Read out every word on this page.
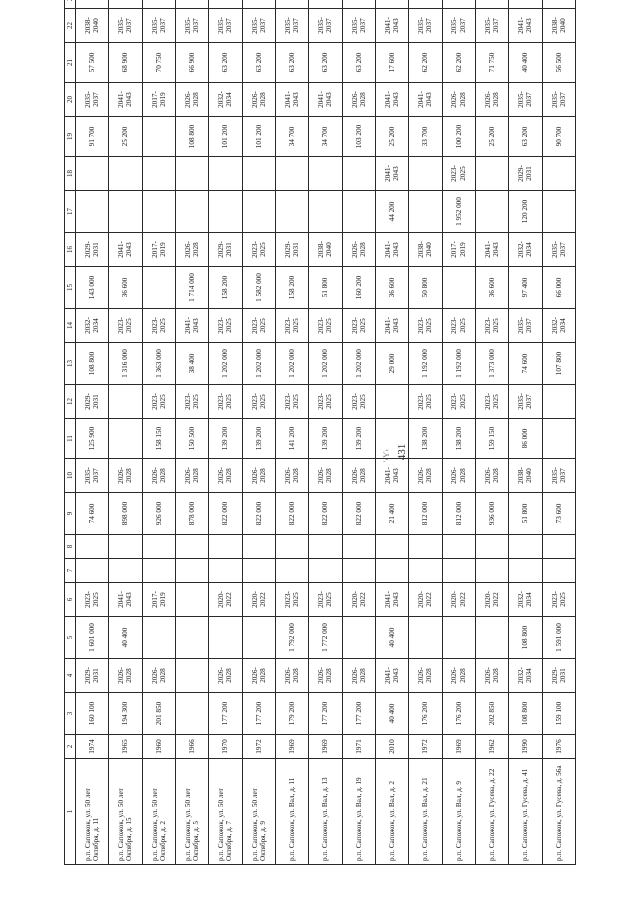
431
'‹Ƴ›
1	2	3	4	5	6	7	8	9	10	11	12	13	14	15	16	17	18	19	20	21	22		
р.п. Сапожок, ул. 50 лет Октября, д. 11	1974	160 100	2029-2031	1 601 000	2023-2025			74 600	2035-2037	125 900	2029-2031	108 800	2032-2034	143 000	2029-2031			91 700	2035-2037	57 500	2038-2040		
р.п. Сапожок, ул. 50 лет Октября, д. 15	1965	194 300	2026-2028	40 400	2041-2043			898 000	2026-2028			1 316 000	2023-2025	36 600	2041-2043			25 200	2041-2043	68 900	2035-2037		
р.п. Сапожок, ул. 50 лет Октября, д. 2	1960	201 850	2026-2028		2017-2019			926 000	2026-2028	158 150	2023-2025	1 363 000	2023-2025		2017-2019				2017-2019	70 750	2035-2037		
р.п. Сапожок, ул. 50 лет Октября, д. 5	1966							878 000	2026-2028	150 500	2023-2025	38 400	2041-2043	1 714 000	2026-2028			108 800	2026-2028	66 900	2035-2037		
р.п. Сапожок, ул. 50 лет Октября, д. 7	1970	177 200	2026-2028		2020-2022			822 000	2026-2028	139 200	2023-2025	1 202 000	2023-2025	158 200	2029-2031			101 200	2032-2034	63 200	2035-2037		
р.п. Сапожок, ул. 50 лет Октября, д. 9	1972	177 200	2026-2028		2020-2022			822 000	2026-2028	139 200	2023-2025	1 202 000	2023-2025	1 582 000	2023-2025			101 200	2026-2028	63 200	2035-2037		
р.п. Сапожок, ул. Вал, д. 11	1969	179 200	2026-2028	1 792 000	2023-2025			822 000	2026-2028	141 200	2023-2025	1 202 000	2023-2025	158 200	2029-2031			34 700	2041-2043	63 200	2035-2037		
р.п. Сапожок, ул. Вал, д. 13	1969	177 200	2026-2028	1 772 000	2023-2025			822 000	2026-2028	139 200	2023-2025	1 202 000	2023-2025	51 800	2038-2040			34 700	2041-2043	63 200	2035-2037		
р.п. Сапожок, ул. Вал, д. 19	1971	177 200	2026-2028		2020-2022			822 000	2026-2028	139 200	2023-2025	1 202 000	2023-2025	160 200	2026-2028			103 200	2026-2028	63 200	2035-2037		
р.п. Сапожок, ул. Вал, д. 2	2010	40 400	2041-2043	40 400	2041-2043			21 400	2041-2043			29 000	2041-2043	36 600	2041-2043	44 200	2041-2043	25 200	2041-2043	17 600	2041-2043		
р.п. Сапожок, ул. Вал, д. 21	1972	176 200	2026-2028		2020-2022			812 000	2026-2028	138 200	2023-2025	1 192 000	2023-2025	50 800	2038-2040			33 700	2041-2043	62 200	2035-2037		
р.п. Сапожок, ул. Вал, д. 9	1969	176 200	2026-2028		2020-2022			812 000	2026-2028	138 200	2023-2025	1 192 000	2023-2025		2017-2019	1 952 000	2023-2025	100 200	2026-2028	62 200	2035-2037		
р.п. Сапожок, ул. Гусева, д. 22	1962	202 850	2026-2028		2020-2022			936 000	2026-2028	159 150	2023-2025	1 373 000	2023-2025	36 600	2041-2043			25 200	2026-2028	71 750	2035-2037		
р.п. Сапожок, ул. Гусева, д. 41	1990	108 800	2032-2034	108 800	2032-2034			51 800	2038-2040	86 000	2035-2037	74 600	2035-2037	97 400	2032-2034	120 200	2029-2031	63 200	2035-2037	40 400	2041-2043		
р.п. Сапожок, ул. Гусева, д. 56а	1976	159 100	2029-2031	1 591 000	2023-2025			73 600	2035-2037			107 800	2032-2034	66 000	2035-2037			90 700	2035-2037	56 500	2038-2040		
